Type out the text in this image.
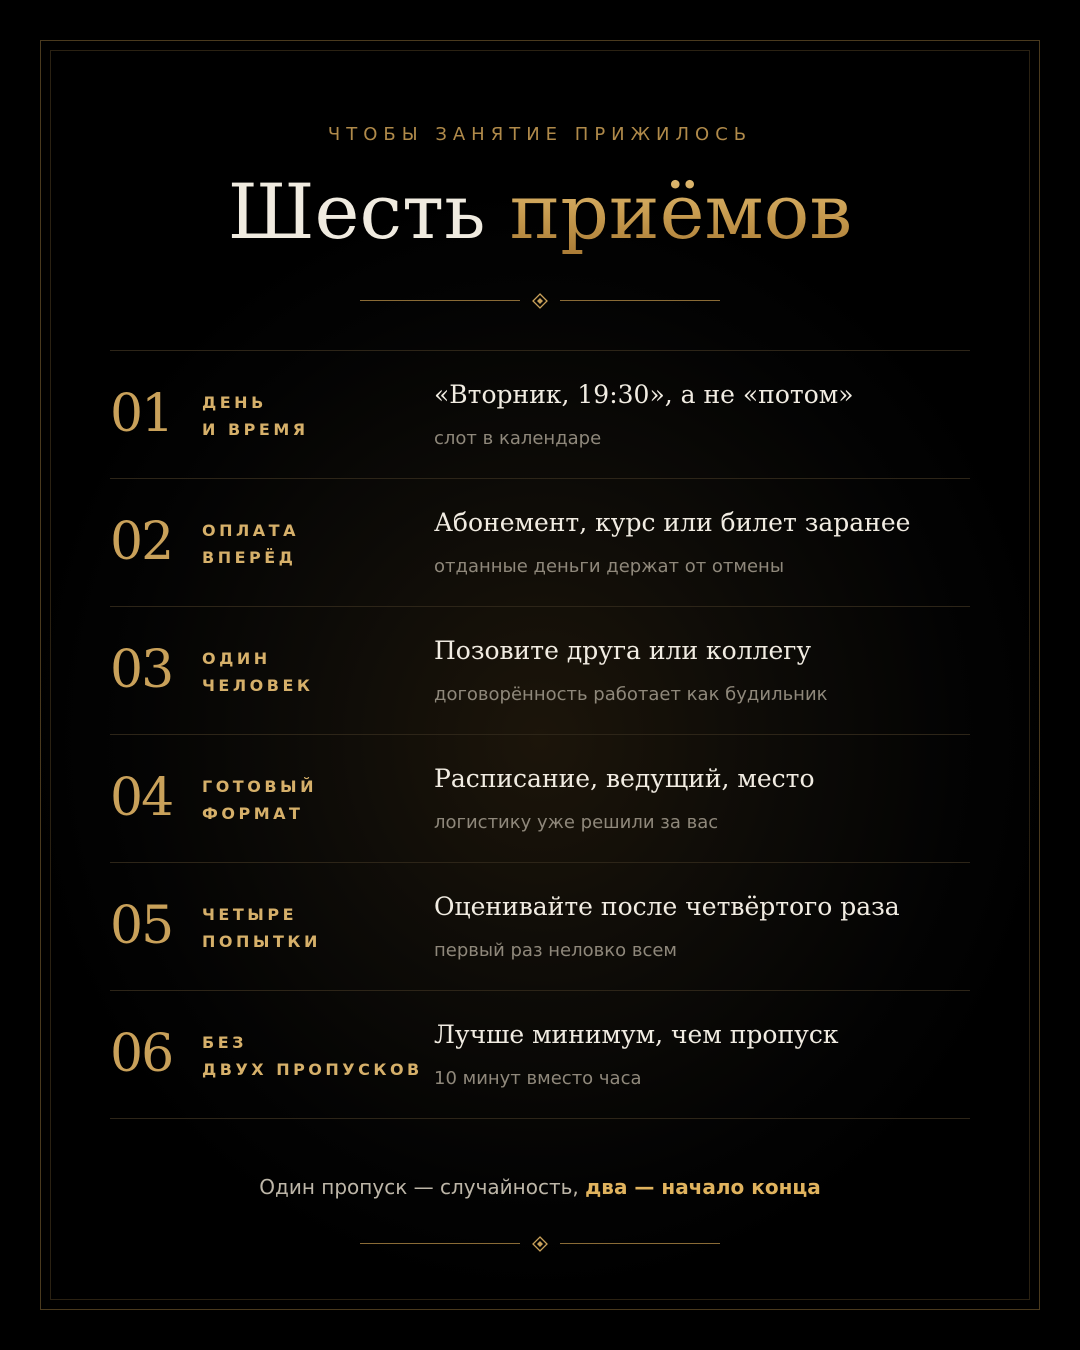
ЧТОБЫ ЗАНЯТИЕ ПРИЖИЛОСЬ
Шесть приёмов
01 ДЕНЬ
И ВРЕМЯ
«Вторник, 19:30», а не «потом»
слот в календаре
02 ОПЛАТА
ВПЕРЁД
Абонемент, курс или билет заранее
отданные деньги держат от отмены
03 ОДИН
ЧЕЛОВЕК
Позовите друга или коллегу
договорённость работает как будильник
04 ГОТОВЫЙ
ФОРМАТ
Расписание, ведущий, место
логистику уже решили за вас
05 ЧЕТЫРЕ
ПОПЫТКИ
Оценивайте после четвёртого раза
первый раз неловко всем
06 БЕЗ
ДВУХ ПРОПУСКОВ
Лучше минимум, чем пропуск
10 минут вместо часа
Один пропуск — случайность, два — начало конца
